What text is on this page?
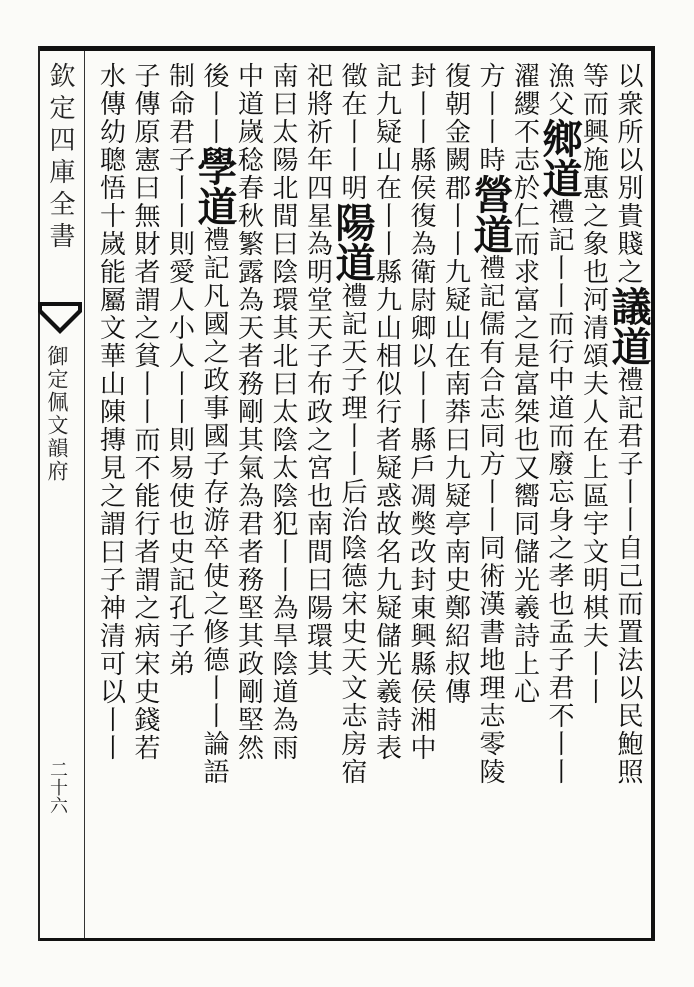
欽定四庫全書
御定佩文韻府
二十六
以衆所以別貴賤之議道禮記君子丨丨自己而置法以民鮑照
等而興施惠之象也河清頌夫人在上區宇文明棋夫丨丨
漁父鄉道禮記丨丨而行中道而廢忘身之孝也孟子君不丨丨
濯纓不志於仁而求富之是富桀也又嚮同儲光羲詩上心
方丨丨時營道禮記儒有合志同方丨丨同術漢書地理志零陵
復朝金闕郡丨丨九疑山在南莽曰九疑亭南史鄭紹叔傳
封丨丨縣侯復為衛尉卿以丨丨縣戶凋獘改封東興縣侯湘中
記九疑山在丨丨縣九山相似行者疑惑故名九疑儲光羲詩表
徵在丨丨明陽道禮記天子理丨丨后治陰德宋史天文志房宿
祀將祈年四星為明堂天子布政之宮也南間曰陽環其
南曰太陽北間曰陰環其北曰太陰太陰犯丨丨為旱陰道為雨
中道嵗稔春秋繁露為天者務剛其氣為君者務堅其政剛堅然
後丨丨學道禮記凡國之政事國子存游卒使之修德丨丨論語
制命君子丨丨則愛人小人丨丨則易使也史記孔子弟
子傳原憲曰無財者謂之貧丨丨而不能行者謂之病宋史錢若
水傳幼聰悟十嵗能屬文華山陳摶見之謂曰子神清可以丨丨
